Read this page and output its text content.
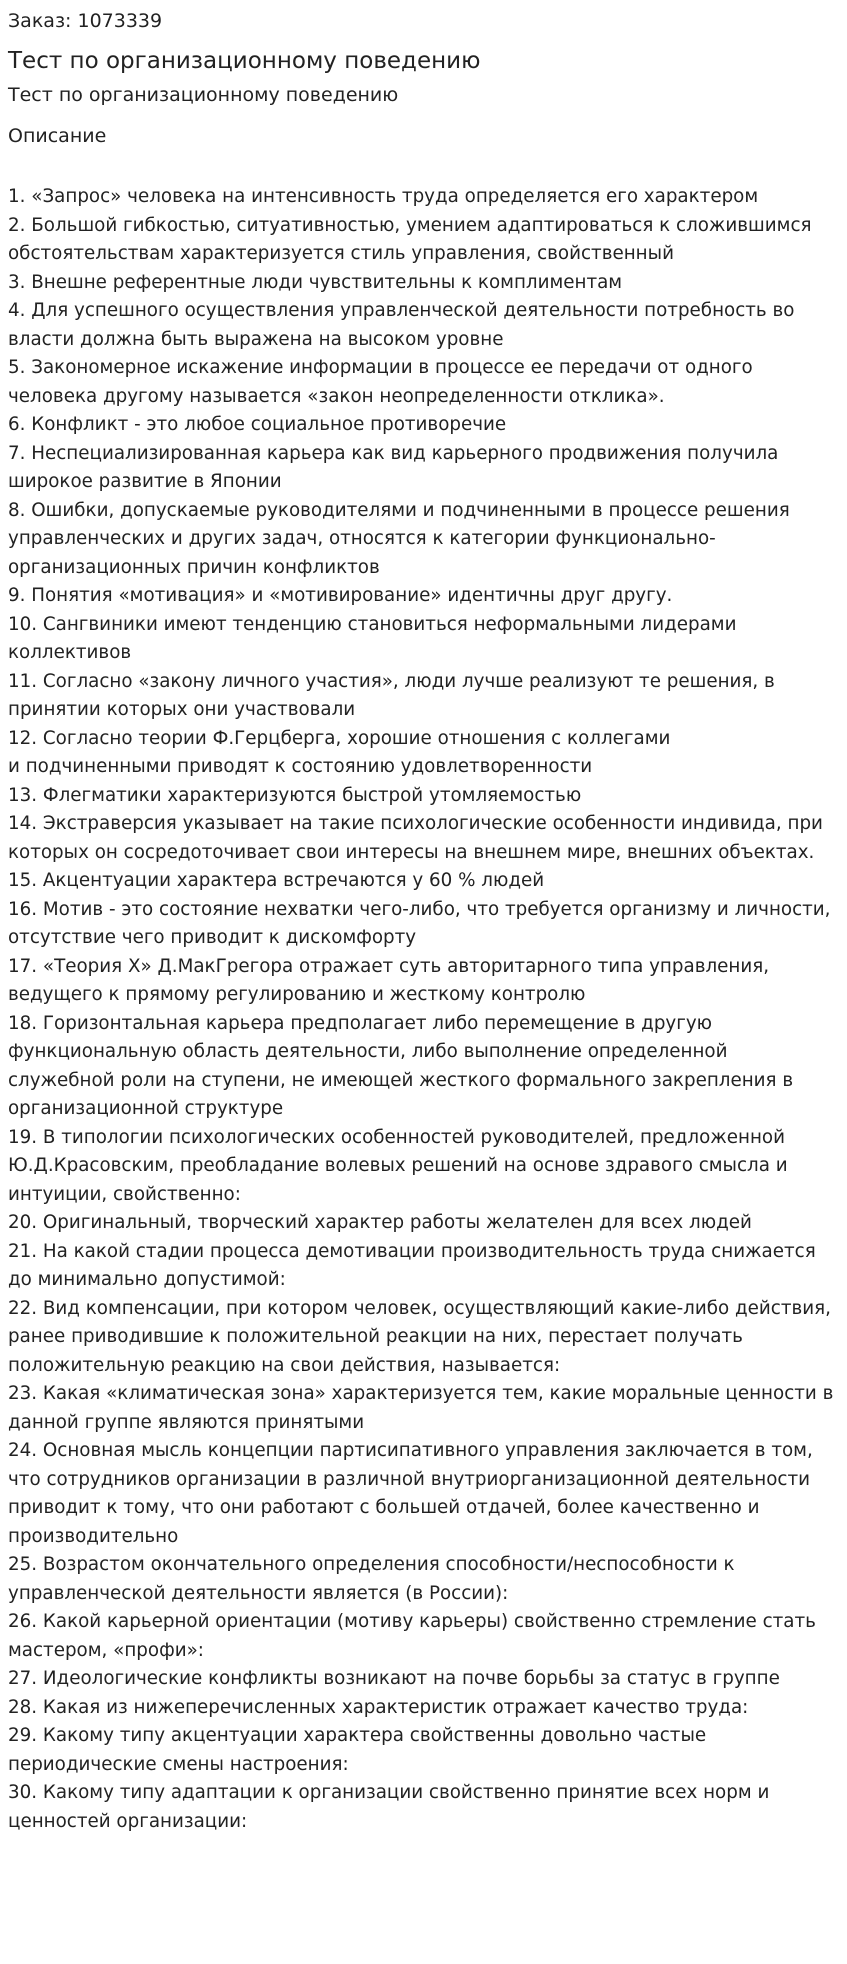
Заказ: 1073339
Тест по организационному поведению
Тест по организационному поведению
Описание
1. «Запрос» человека на интенсивность труда определяется его характером
2. Большой гибкостью, ситуативностью, умением адаптироваться к сложившимся обстоятельствам характеризуется стиль управления, свойственный
3. Внешне референтные люди чувствительны к комплиментам
4. Для успешного осуществления управленческой деятельности потребность во власти должна быть выражена на высоком уровне
5. Закономерное искажение информации в процессе ее передачи от одного человека другому называется «закон неопределенности отклика».
6. Конфликт - это любое социальное противоречие
7. Неспециализированная карьера как вид карьерного продвижения получила широкое развитие в Японии
8. Ошибки, допускаемые руководителями и подчиненными в процессе решения управленческих и других задач, относятся к категории функционально-организационных причин конфликтов
9. Понятия «мотивация» и «мотивирование» идентичны друг другу.
10. Сангвиники имеют тенденцию становиться неформальными лидерами коллективов
11. Согласно «закону личного участия», люди лучше реализуют те решения, в принятии которых они участвовали
12. Согласно теории Ф.Герцберга, хорошие отношения с коллегами
и подчиненными приводят к состоянию удовлетворенности
13. Флегматики характеризуются быстрой утомляемостью
14. Экстраверсия указывает на такие психологические особенности индивида, при которых он сосредоточивает свои интересы на внешнем мире, внешних объектах.
15. Акцентуации характера встречаются у 60 % людей
16. Мотив - это состояние нехватки чего-либо, что требуется организму и личности, отсутствие чего приводит к дискомфорту
17. «Теория X» Д.МакГрегора отражает суть авторитарного типа управления, ведущего к прямому регулированию и жесткому контролю
18. Горизонтальная карьера предполагает либо перемещение в другую функциональную область деятельности, либо выполнение определенной служебной роли на ступени, не имеющей жесткого формального закрепления в организационной структуре
19. В типологии психологических особенностей руководителей, предложенной Ю.Д.Красовским, преобладание волевых решений на основе здравого смысла и интуиции, свойственно:
20. Оригинальный, творческий характер работы желателен для всех людей
21. На какой стадии процесса демотивации производительность труда снижается до минимально допустимой:
22. Вид компенсации, при котором человек, осуществляющий какие-либо действия, ранее приводившие к положительной реакции на них, перестает получать положительную реакцию на свои действия, называется:
23. Какая «климатическая зона» характеризуется тем, какие моральные ценности в данной группе являются принятыми
24. Основная мысль концепции партисипативного управления заключается в том, что сотрудников организации в различной внутриорганизационной деятельности приводит к тому, что они работают с большей отдачей, более качественно и производительно
25. Возрастом окончательного определения способности/неспособности к управленческой деятельности является (в России):
26. Какой карьерной ориентации (мотиву карьеры) свойственно стремление стать мастером, «профи»:
27. Идеологические конфликты возникают на почве борьбы за статус в группе
28. Какая из нижеперечисленных характеристик отражает качество труда:
29. Какому типу акцентуации характера свойственны довольно частые периодические смены настроения:
30. Какому типу адаптации к организации свойственно принятие всех норм и ценностей организации:
